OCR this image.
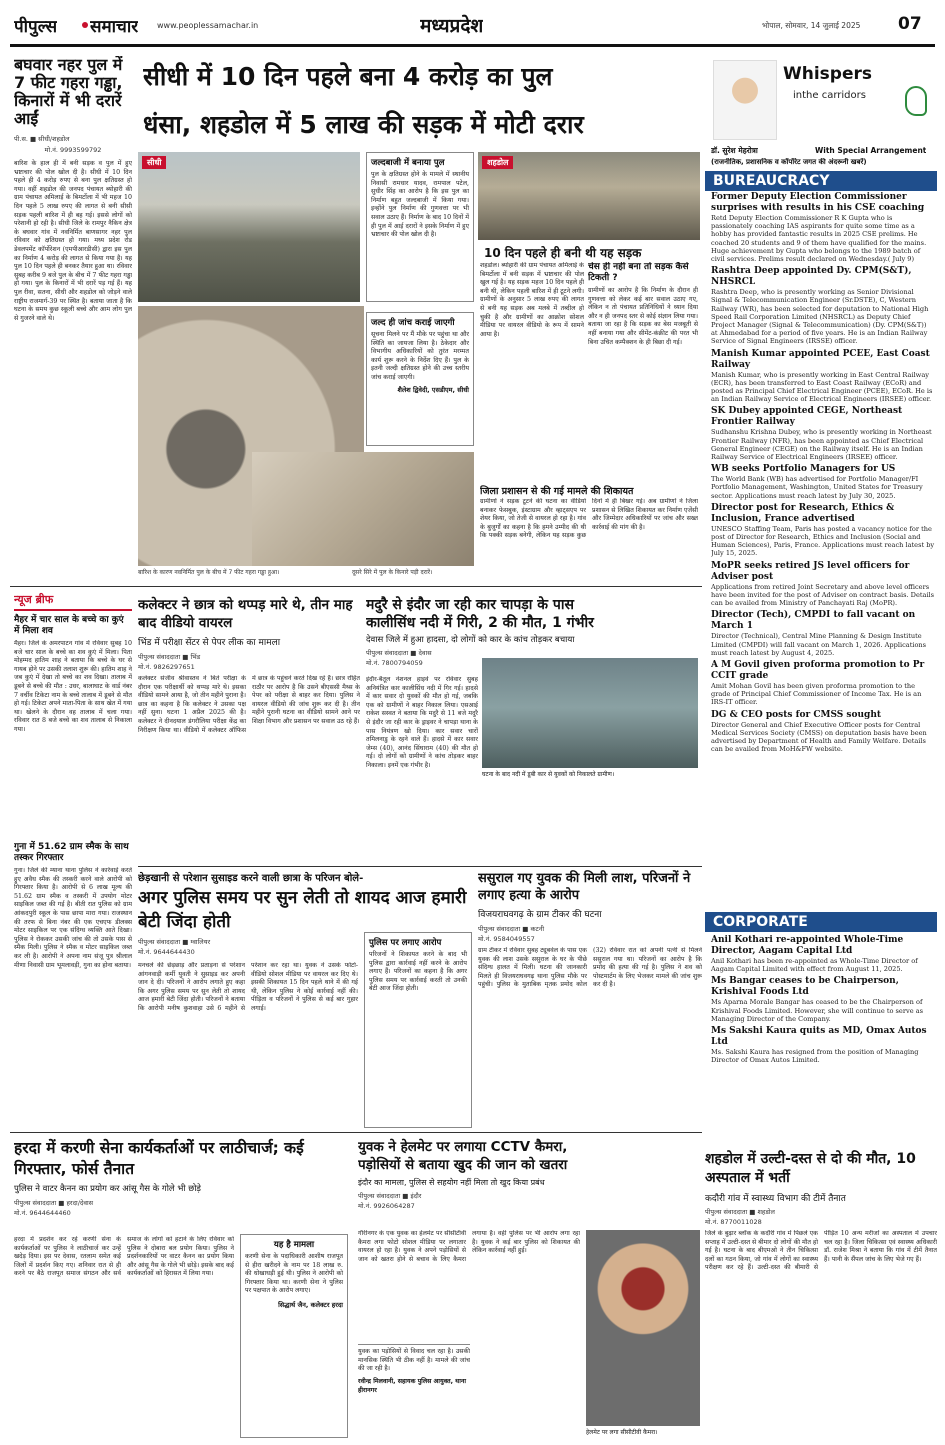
पीपुल्स समाचार www.peoplessamachar.in	मध्यप्रदेश	भोपाल, सोमवार, 14 जुलाई 2025 07
बघवार नहर पुल में 7 फीट गहरा गड्ढा, किनारों में भी दरारें आईं
पी.स. ■ सीधी/शहडोल
मो.नं. 9993599792
बारिश के हाल ही में बनी सड़क व पुल में हुए भ्रष्टाचार की पोल खोल दी है। सीधी में 10 दिन पहले ही 4 करोड़ रुपए से बना पुल क्षतिग्रस्त हो गया। वहीं शहडोल की जनपद पंचायत ब्योहारी की ग्राम पंचायत अमिलाई के बिमर्टोला में भी महज 10 दिन पहले 5 लाख रुपए की लागत से बनी सीसी सड़क पहली बारिश में ही बह गई। इससे लोगों को परेशानी हो रही है। सीधी जिले के रामपुर नैकिन क्षेत्र के बघवार गांव में नवनिर्मित बाणसागर नहर पुल रविवार को क्षतिग्रस्त हो गया। मध्य प्रदेश रोड डेवलपमेंट कॉर्पोरेशन (एमपीआरडीसी) द्वारा इस पुल का निर्माण 4 करोड़ की लागत से किया गया है। यह पुल 10 दिन पहले ही बनकर तैयार हुआ था। रविवार सुबह करीब 9 बजे पुल के बीच में 7 फीट गहरा गड्ढा हो गया। पुल के किनारों में भी दरारें पड़ गई हैं। यह पुल रीवा, सतना, सीधी और शहडोल को जोड़ने वाले राष्ट्रीय राजमार्ग-39 पर स्थित है। बताया जाता है कि घटना के समय कुछ स्कूली बच्चे और आम लोग पुल से गुजरने वाले थे।
सीधी में 10 दिन पहले बना 4 करोड़ का पुल
धंसा, शहडोल में 5 लाख की सड़क में मोटी दरार
सीधी	जल्दबाजी में बनाया पुल
पुल के क्षतिग्रस्त होने के मामले में स्थानीय निवासी रामधार यादव, रामपाल पटेल, सुधीर सिंह का आरोप है कि इस पुल का निर्माण बहुत जल्दबाजी में किया गया। इन्होंने पुल निर्माण की गुणवत्ता पर भी सवाल उठाए हैं। निर्माण के बाद 10 दिनों में ही पुल में आई दरारों ने इसके निर्माण में हुए भ्रष्टाचार की पोल खोल दी है।
जल्द ही जांच कराई जाएगी
सूचना मिलने पर मैं मौके पर पहुंचा था और स्थिति का जायजा लिया है। ठेकेदार और विभागीय अधिकारियों को तुरंत मरम्मत कार्य शुरू करने के निर्देश दिए हैं। पुल के इतनी जल्दी क्षतिग्रस्त होने की उच्च स्तरीय जांच कराई जाएगी।
शैलेश द्विवेदी, एसडीएम, सीधी
बारिश के कारण नवनिर्मित पुल के बीच में 7 फीट गहरा गड्ढा हुआ।	दूसरे सिरे में पुल के किनारे पड़ी दरारें।
शहडोल
10 दिन पहले ही बनी थी यह सड़क
शहडोल। ब्योहारी की ग्राम पंचायत अमिलाई के बिमर्टोला में बनी सड़क में भ्रष्टाचार की पोल खुल गई है। यह सड़क महज 10 दिन पहले ही बनी थी, लेकिन पहली बारिश में ही टूटने लगी। ग्रामीणों के अनुसार 5 लाख रुपए की लागत से बनी यह सड़क अब मलबे में तब्दील हो चुकी है और ग्रामीणों का आक्रोश सोशल मीडिया पर वायरल वीडियो के रूप में सामने आया है।
चेस ही नहीं बना तो सड़क कैसे टिकती ?
ग्रामीणों का आरोप है कि निर्माण के दौरान ही गुणवत्ता को लेकर कई बार सवाल उठाए गए, लेकिन न तो पंचायत प्रतिनिधियों ने ध्यान दिया और न ही जनपद स्तर से कोई संज्ञान लिया गया। बताया जा रहा है कि सड़क का बेस मजबूती से नहीं बनाया गया और सीमेंट-कंक्रीट की परत भी बिना उचित कम्पैक्शन के ही बिछा दी गई।
जिला प्रशासन से की गई मामले की शिकायत
ग्रामीणों ने सड़क टूटने की घटना का वीडियो बनाकर फेसबुक, इंस्टाग्राम और व्हाट्सएप पर शेयर किया, जो तेजी से वायरल हो रहा है। गांव के बुजुर्गों का कहना है कि हमने उम्मीद की थी कि पक्की सड़क बनेगी, लेकिन यह सड़क कुछ दिनों में ही बिखर गई। अब ग्रामीणों ने जिला प्रशासन से लिखित शिकायत कर निर्माण एजेंसी और जिम्मेदार अधिकारियों पर जांच और सख्त कार्रवाई की मांग की है।
Whispers
inthe carridors
डॉ. सुरेश मेहरोत्रा	With Special Arrangement
(राजनीतिक, प्रशासनिक व कॉर्पोरेट जगत की अंदरूनी खबरें)
BUREAUCRACY
Former Deputy Election Commissioner surprises with results in his CSE coaching
Retd Deputy Election Commissioner R K Gupta who is passionately coaching IAS aspirants for quite some time as a hobby has provided fantastic results in 2025 CSE prelims. He coached 20 students and 9 of them have qualified for the mains. Huge achievement by Gupta who belongs to the 1989 batch of civil services. Prelims result declared on Wednesday.( July 9)
Rashtra Deep appointed Dy. CPM(S&T), NHSRCL
Rashtra Deep, who is presently working as Senior Divisional Signal & Telecommunication Engineer (Sr.DSTE), C, Western Railway (WR), has been selected for deputation to National High Speed Rail Corporation Limited (NHSRCL) as Deputy Chief Project Manager (Signal & Telecommunication) (Dy. CPM(S&T)) at Ahmedabad for a period of five years. He is an Indian Railway Service of Signal Engineers (IRSSE) officer.
Manish Kumar appointed PCEE, East Coast Railway
Manish Kumar, who is presently working in East Central Railway (ECR), has been transferred to East Coast Railway (ECoR) and posted as Principal Chief Electrical Engineer (PCEE), ECoR. He is an Indian Railway Service of Electrical Engineers (IRSEE) officer.
SK Dubey appointed CEGE, Northeast Frontier Railway
Sudhanshu Krishna Dubey, who is presently working in Northeast Frontier Railway (NFR), has been appointed as Chief Electrical General Engineer (CEGE) on the Railway itself. He is an Indian Railway Service of Electrical Engineers (IRSEE) officer.
WB seeks Portfolio Managers for US
The World Bank (WB) has advertised for Portfolio Manager/FI Portfolio Management, Washington, United States for Treasury sector. Applications must reach latest by July 30, 2025.
Director post for Research, Ethics & Inclusion, France advertised
UNESCO Staffing Team, Paris has posted a vacancy notice for the post of Director for Research, Ethics and Inclusion (Social and Human Sciences), Paris, France. Applications must reach latest by July 15, 2025.
MoPR seeks retired JS level officers for Adviser post
Applications from retired Joint Secretary and above level officers have been invited for the post of Adviser on contract basis. Details can be availed from Ministry of Panchayati Raj (MoPR).
Director (Tech), CMPDI to fall vacant on March 1
Director (Technical), Central Mine Planning & Design Institute Limited (CMPDI) will fall vacant on March 1, 2026. Applications must reach latest by August 4, 2025.
A M Govil given proforma promotion to Pr CCIT grade
Amit Mohan Govil has been given proforma promotion to the grade of Principal Chief Commissioner of Income Tax. He is an IRS-IT officer.
DG & CEO posts for CMSS sought
Director General and Chief Executive Officer posts for Central Medical Services Society (CMSS) on deputation basis have been advertised by Department of Health and Family Welfare. Details can be availed from MoH&FW website.
CORPORATE
Anil Kothari re-appointed Whole-Time Director, Aagam Capital Ltd
Anil Kothari has been re-appointed as Whole-Time Director of Aagam Capital Limited with effect from August 11, 2025.
Ms Bangar ceases to be Chairperson, Krishival Foods Ltd
Ms Aparna Morale Bangar has ceased to be the Chairperson of Krishival Foods Limited. However, she will continue to serve as Managing Director of the Company.
Ms Sakshi Kaura quits as MD, Omax Autos Ltd
Ms. Sakshi Kaura has resigned from the position of Managing Director of Omax Autos Limited.
न्यूज ब्रीफ
मैहर में चार साल के बच्चे का कुएं में मिला शव
मैहर। जिले के अमरपाटन गांव में रविवार सुबह 10 बजे चार साल के बच्चे का शव कुएं में मिला। पिता मोहम्मद हातिम शाह ने बताया कि बच्चे के घर से गायब होने पर उसकी तलाश शुरू की। हातिम शाह ने जब कुएं में देखा तो बच्चे का शव दिखा। तालाब में डूबने से बच्चे की मौत : उधर, बालाघाट के वार्ड नंबर 7 वर्चीव टिकेटा नाम के बच्चे तालाब में डूबने से मौत हो गई। टिकेटा अपने माता-पिता के साथ खेत में गया था। खेलने के दौरान वह तालाब में चला गया। रविवार रात 8 बजे बच्चे का शव तालाब से निकाला गया।
गुना में 51.62 ग्राम स्मैक के साथ तस्कर गिरफ्तार
गुना। जिले की म्याना थाना पुलिस ने कार्रवाई करते हुए अवैध स्मैक की तस्करी करने वाले आरोपी को गिरफ्तार किया है। आरोपी से 6 लाख मूल्य की 51.62 ग्राम स्मैक व तस्करी में उपयोग मोटर साइकिल जब्त की गई है। बीती रात पुलिस को ग्राम आंकदपुरी स्कूल के पास छापा मारा गया। राजस्थान की तरफ से बिना नंबर की एक एचएफ डीलक्स मोटर साइकिल पर एक संदिग्ध व्यक्ति आते दिखा। पुलिस ने रोककर उसकी जांच की तो उसके पास से स्मैक मिली। पुलिस ने स्मैक व मोटर साइकिल जब्त कर ली है। आरोपी ने अपना नाम संजू पुत्र श्रीलाल मीणा निवासी ग्राम भूमलावड़ी, गुना का होना बताया।
कलेक्टर ने छात्र को थप्पड़ मारे थे, तीन माह बाद वीडियो वायरल
भिंड में परीक्षा सेंटर से पेपर लीक का मामला
पीपुल्स संवाददाता ■ भिंड
मो.नं. 9826297651
कलेक्टर संजीव श्रीवास्तव ने बिते परीक्षा के दौरान एक परीक्षार्थी को थप्पड़ मारे थे। इसका वीडियो सामने आया है, जो तीन महीने पुराना है। छात्र का कहना है कि कलेक्टर ने उसका पक्ष नहीं सुना। घटना 1 अप्रैल 2025 की है। कलेक्टर ने दीनदयाल डंगरौलिया परीक्षा केंद्र का निरीक्षण किया था। वीडियो में कलेक्टर ऑफिस में छात्र के पहुंचने करते दिख रहे हैं। छात्र रोहित राठौर पर आरोप है कि उसने बीएससी मैथ्स के पेपर को परीक्षा से बाहर कर दिया। पुलिस ने वायरल वीडियो की जांच शुरू कर दी है। तीन महीने पुरानी घटना का वीडियो सामने आने पर शिक्षा विभाग और प्रशासन पर सवाल उठ रहे हैं।
मदुरै से इंदौर जा रही कार चापड़ा के पास
कालीसिंध नदी में गिरी, 2 की मौत, 1 गंभीर
देवास जिले में हुआ हादसा, दो लोगों को कार के कांच तोड़कर बचाया
पीपुल्स संवाददाता ■ देवास
मो.नं. 7800794059
इंदौर-बैतूल नेशनल हाइवे पर रविवार सुबह अनियंत्रित कार कालीसिंध नदी में गिर गई। हादसे में कार सवार दो युवकों की मौत हो गई, जबकि एक को ग्रामीणों ने बाहर निकाल लिया। एसआई राकेश सस्वत ने बताया कि मदुरै से 11 बजे मदुरै से इंदौर जा रही कार के ड्राइवर ने चापड़ा थाना के पास नियंत्रण खो दिया। कार सवार चारों तमिलनाडु के रहने वाले हैं। हादसे में कार सवार जेम्स (40), आनंद सिंघाराम (40) की मौत हो गई। दो लोगों को ग्रामीणों ने कांच तोड़कर बाहर निकाला। इनमें एक गंभीर है।
घटना के बाद नदी में डूबी कार से युवकों को निकालते ग्रामीण।
छेड़खानी से परेशान सुसाइड करने वाली छात्रा के परिजन बोले-
अगर पुलिस समय पर सुन लेती तो शायद आज हमारी बेटी जिंदा होती
पीपुल्स संवाददाता ■ ग्वालियर
मो.नं. 9644644430
मनचले की छेड़छाड़ और प्रताड़ना से परेशान आंगनवाड़ी कर्मी युवती ने सुसाइड कर अपनी जान दे दी। परिजनों ने आरोप लगाते हुए कहा कि अगर पुलिस समय पर सुन लेती तो शायद आज हमारी बेटी जिंदा होती। परिजनों ने बताया कि आरोपी मनीष कुशवाहा उसे 6 महीने से परेशान कर रहा था। युवक ने उसके फोटो-वीडियो सोशल मीडिया पर वायरल कर दिए थे। इसकी शिकायत 15 दिन पहले थाने में की गई थी, लेकिन पुलिस ने कोई कार्रवाई नहीं की। पीड़िता व परिजनों ने पुलिस से कई बार गुहार लगाई।
पुलिस पर लगाए आरोप
परिजनों ने शिकायत करने के बाद भी पुलिस द्वारा कार्रवाई नहीं करने के आरोप लगाए हैं। परिजनों का कहना है कि अगर पुलिस समय पर कार्रवाई करती तो उनकी बेटी आज जिंदा होती।
ससुराल गए युवक की मिली लाश, परिजनों ने लगाए हत्या के आरोप
विजयराघवगढ़ के ग्राम टीकर की घटना
पीपुल्स संवाददाता ■ कटनी
मो.नं. 9584049557
ग्राम टीकर में रविवार सुबह ट्यूबवेल के पास एक युवक की लाश उसके ससुराल के घर के पीछे संदिग्ध हालत में मिली। घटना की जानकारी मिलते ही विजयराघवगढ़ थाना पुलिस मौके पर पहुंची। पुलिस के मुताबिक मृतक प्रमोद कोल (32) रविवार रात को अपनी पत्नी से मिलने ससुराल गया था। परिजनों का आरोप है कि प्रमोद की हत्या की गई है। पुलिस ने शव को पोस्टमार्टम के लिए भेजकर मामले की जांच शुरू कर दी है।
शहडोल में उल्टी-दस्त से दो की मौत, 10 अस्पताल में भर्ती
कदौरी गांव में स्वास्थ्य विभाग की टीमें तैनात
पीपुल्स संवाददाता ■ शहडोल
मो.नं. 8770011028
जिले के बुढ़ार ब्लॉक के कदौरी गांव में पिछले एक सप्ताह में उल्टी-दस्त से बीमार दो लोगों की मौत हो गई है। घटना के बाद बीएमओ ने तीन चिकित्सा दलों का गठन किया, जो गांव में लोगों का स्वास्थ्य परीक्षण कर रहे हैं। उल्टी-दस्त की बीमारी से पीड़ित 10 अन्य मरीजों का अस्पताल में उपचार चल रहा है। जिला चिकित्सा एवं स्वास्थ्य अधिकारी डॉ. राजेश मिश्रा ने बताया कि गांव में टीमें तैनात हैं। पानी के सैंपल जांच के लिए भेजे गए हैं।
हरदा में करणी सेना कार्यकर्ताओं पर लाठीचार्ज; कई गिरफ्तार, फोर्स तैनात
पुलिस ने वाटर कैनन का प्रयोग कर आंसू गैस के गोले भी छोड़े
पीपुल्स संवाददाता ■ हरदा/देवास
मो.नं. 9644644460
हरदा में प्रदर्शन कर रहे करणी सेना के कार्यकर्ताओं पर पुलिस ने लाठीचार्ज कर उन्हें खदेड़ दिया। इस पर देवास, रतलाम समेत कई जिलों में प्रदर्शन किए गए। शनिवार रात से ही करने पर बैठे राजपूत समाज संगठन और सर्व समाज के लोगों को हटाने के लिए रविवार को पुलिस ने दोबारा बल प्रयोग किया। पुलिस ने प्रदर्शनकारियों पर वाटर कैनन का प्रयोग किया और आंसू गैस के गोले भी छोड़े। इसके बाद कई कार्यकर्ताओं को हिरासत में लिया गया।
यह है मामला
करणी सेना के पदाधिकारी आशीष राजपूत से हीरा खरीदने के नाम पर 18 लाख रु. की धोखाधड़ी हुई थी। पुलिस ने आरोपी को गिरफ्तार किया था। करणी सेना ने पुलिस पर पक्षपात के आरोप लगाए।
सिद्धार्थ जैन, कलेक्टर हरदा
युवक ने हेलमेट पर लगाया CCTV कैमरा,
पड़ोसियों से बताया खुद की जान को खतरा
इंदौर का मामला, पुलिस से सहयोग नहीं मिला तो खुद किया प्रबंध
पीपुल्स संवाददाता ■ इंदौर
मो.नं. 9926064287
गौरीनगर के एक युवक का हेलमेट पर सीसीटीवी कैमरा लगा फोटो सोशल मीडिया पर लगातार वायरल हो रहा है। युवक ने अपने पड़ोसियों से जान को खतरा होने से बचाव के लिए कैमरा लगाया है। वहीं पुलिस पर भी आरोप लगा रहा है। युवक ने कई बार पुलिस को शिकायत की लेकिन कार्रवाई नहीं हुई।
युवक का पड़ोसियों से विवाद चल रहा है। उसकी मानसिक स्थिति भी ठीक नहीं है। मामले की जांच की जा रही है।
रवीन्द्र मिलवानी, सहायक पुलिस आयुक्त, थाना हीरानगर
हेलमेट पर लगा सीसीटीवी कैमरा।
